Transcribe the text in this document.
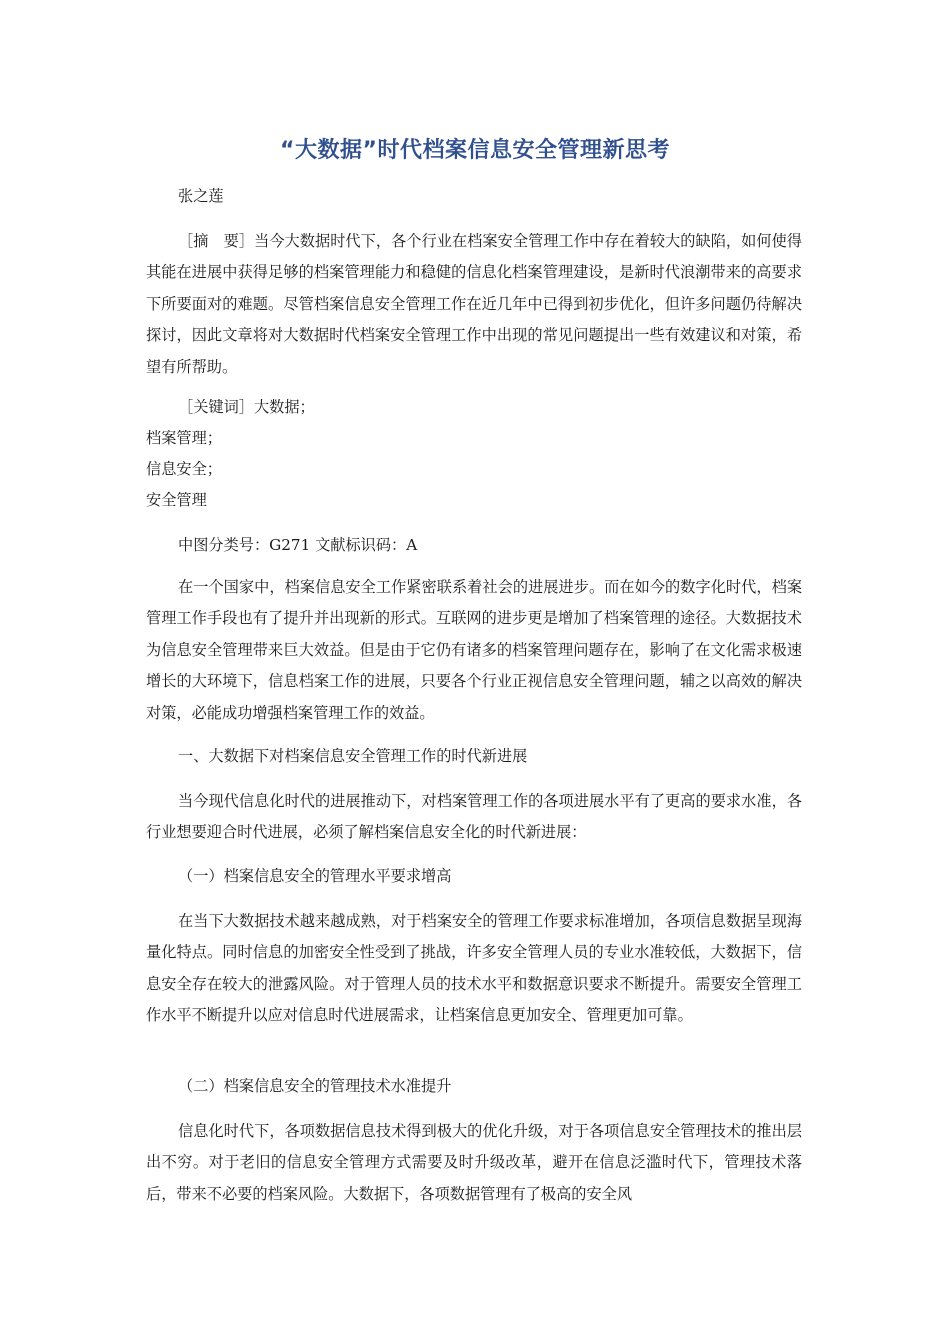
“大数据”时代档案信息安全管理新思考
张之莲
［摘　要］当今大数据时代下，各个行业在档案安全管理工作中存在着较大的缺陷，如何使得其能在进展中获得足够的档案管理能力和稳健的信息化档案管理建设，是新时代浪潮带来的高要求下所要面对的难题。尽管档案信息安全管理工作在近几年中已得到初步优化，但许多问题仍待解决探讨，因此文章将对大数据时代档案安全管理工作中出现的常见问题提出一些有效建议和对策，希望有所帮助。
［关键词］大数据；
档案管理；
信息安全；
安全管理
中图分类号：G271 文献标识码：A
在一个国家中，档案信息安全工作紧密联系着社会的进展进步。而在如今的数字化时代，档案管理工作手段也有了提升并出现新的形式。互联网的进步更是增加了档案管理的途径。大数据技术为信息安全管理带来巨大效益。但是由于它仍有诸多的档案管理问题存在，影响了在文化需求极速增长的大环境下，信息档案工作的进展，只要各个行业正视信息安全管理问题，辅之以高效的解决对策，必能成功增强档案管理工作的效益。
一、大数据下对档案信息安全管理工作的时代新进展
当今现代信息化时代的进展推动下，对档案管理工作的各项进展水平有了更高的要求水准，各行业想要迎合时代进展，必须了解档案信息安全化的时代新进展：
（一）档案信息安全的管理水平要求增高
在当下大数据技术越来越成熟，对于档案安全的管理工作要求标准增加，各项信息数据呈现海量化特点。同时信息的加密安全性受到了挑战，许多安全管理人员的专业水准较低，大数据下，信息安全存在较大的泄露风险。对于管理人员的技术水平和数据意识要求不断提升。需要安全管理工作水平不断提升以应对信息时代进展需求，让档案信息更加安全、管理更加可靠。
（二）档案信息安全的管理技术水准提升
信息化时代下，各项数据信息技术得到极大的优化升级，对于各项信息安全管理技术的推出层出不穷。对于老旧的信息安全管理方式需要及时升级改革，避开在信息泛滥时代下，管理技术落后，带来不必要的档案风险。大数据下，各项数据管理有了极高的安全风
